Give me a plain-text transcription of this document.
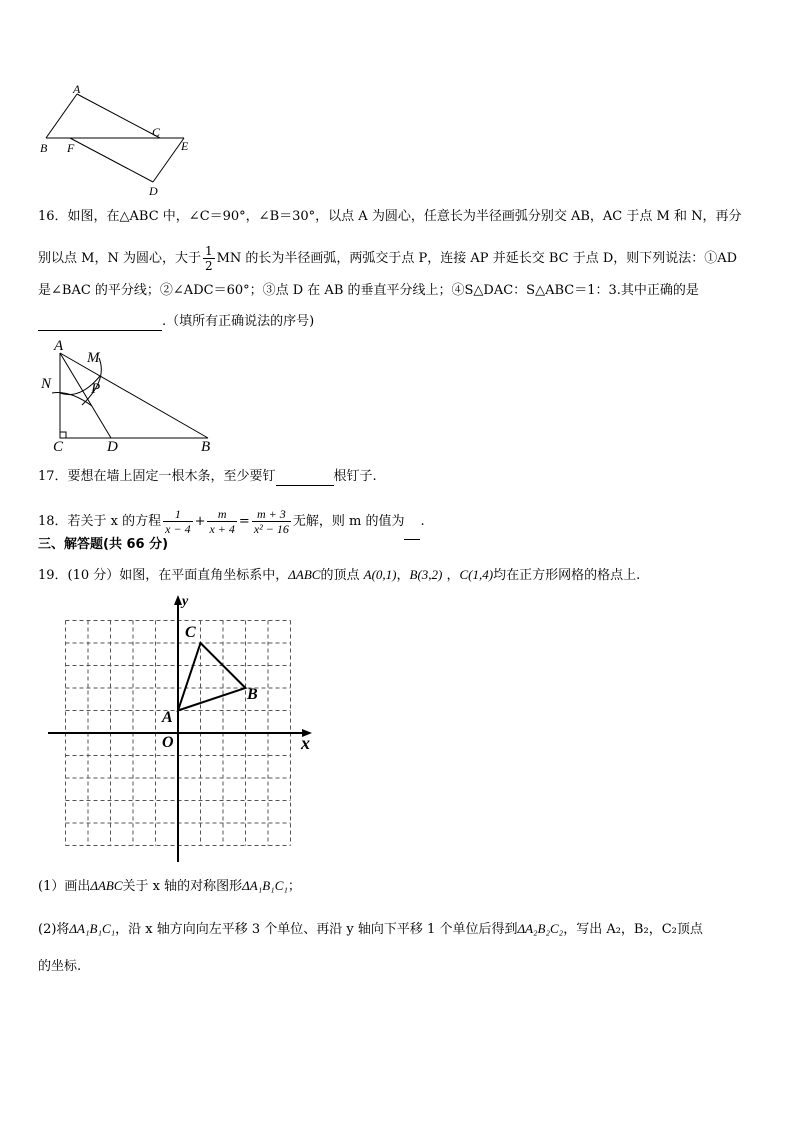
A
B F
C
E
D
16．如图，在△ABC 中，∠C＝90°，∠B＝30°，以点 A 为圆心，任意长为半径画弧分别交 AB，AC 于点 M 和 N，再分
别以点 M，N 为圆心，大于 $\frac{1}{2}$ MN 的长为半径画弧，两弧交于点 P，连接 AP 并延长交 BC 于点 D，则下列说法：①AD
是∠BAC 的平分线；②∠ADC＝60°；③点 D 在 AB 的垂直平分线上；④S△DAC：S△ABC＝1：3.其中正确的是
.（填所有正确说法的序号)
A
M
N	P
C	D	B
17．要想在墙上固定一根木条，至少要钉	根钉子.
18．若关于 x 的方程 $\frac{1}{x - 4} + \frac{m}{x + 4} = \frac{m + 3}{\text{x² − 16}}$ 无解，则 m 的值为 .
三、解答题(共 66 分)
19．(10 分）如图，在平面直角坐标系中，ΔABC的顶点 A(0,1)，B(3,2) ，C(1,4)均在正方形网格的格点上.
y
x
O
A
B
C
(1）画出ΔABC关于 x 轴的对称图形ΔA₁B₁C₁；
(2)将ΔA₁B₁C₁，沿 x 轴方向向左平移 3 个单位、再沿 y 轴向下平移 1 个单位后得到ΔA₂B₂C₂，写出 A₂，B₂，C₂顶点
的坐标.
